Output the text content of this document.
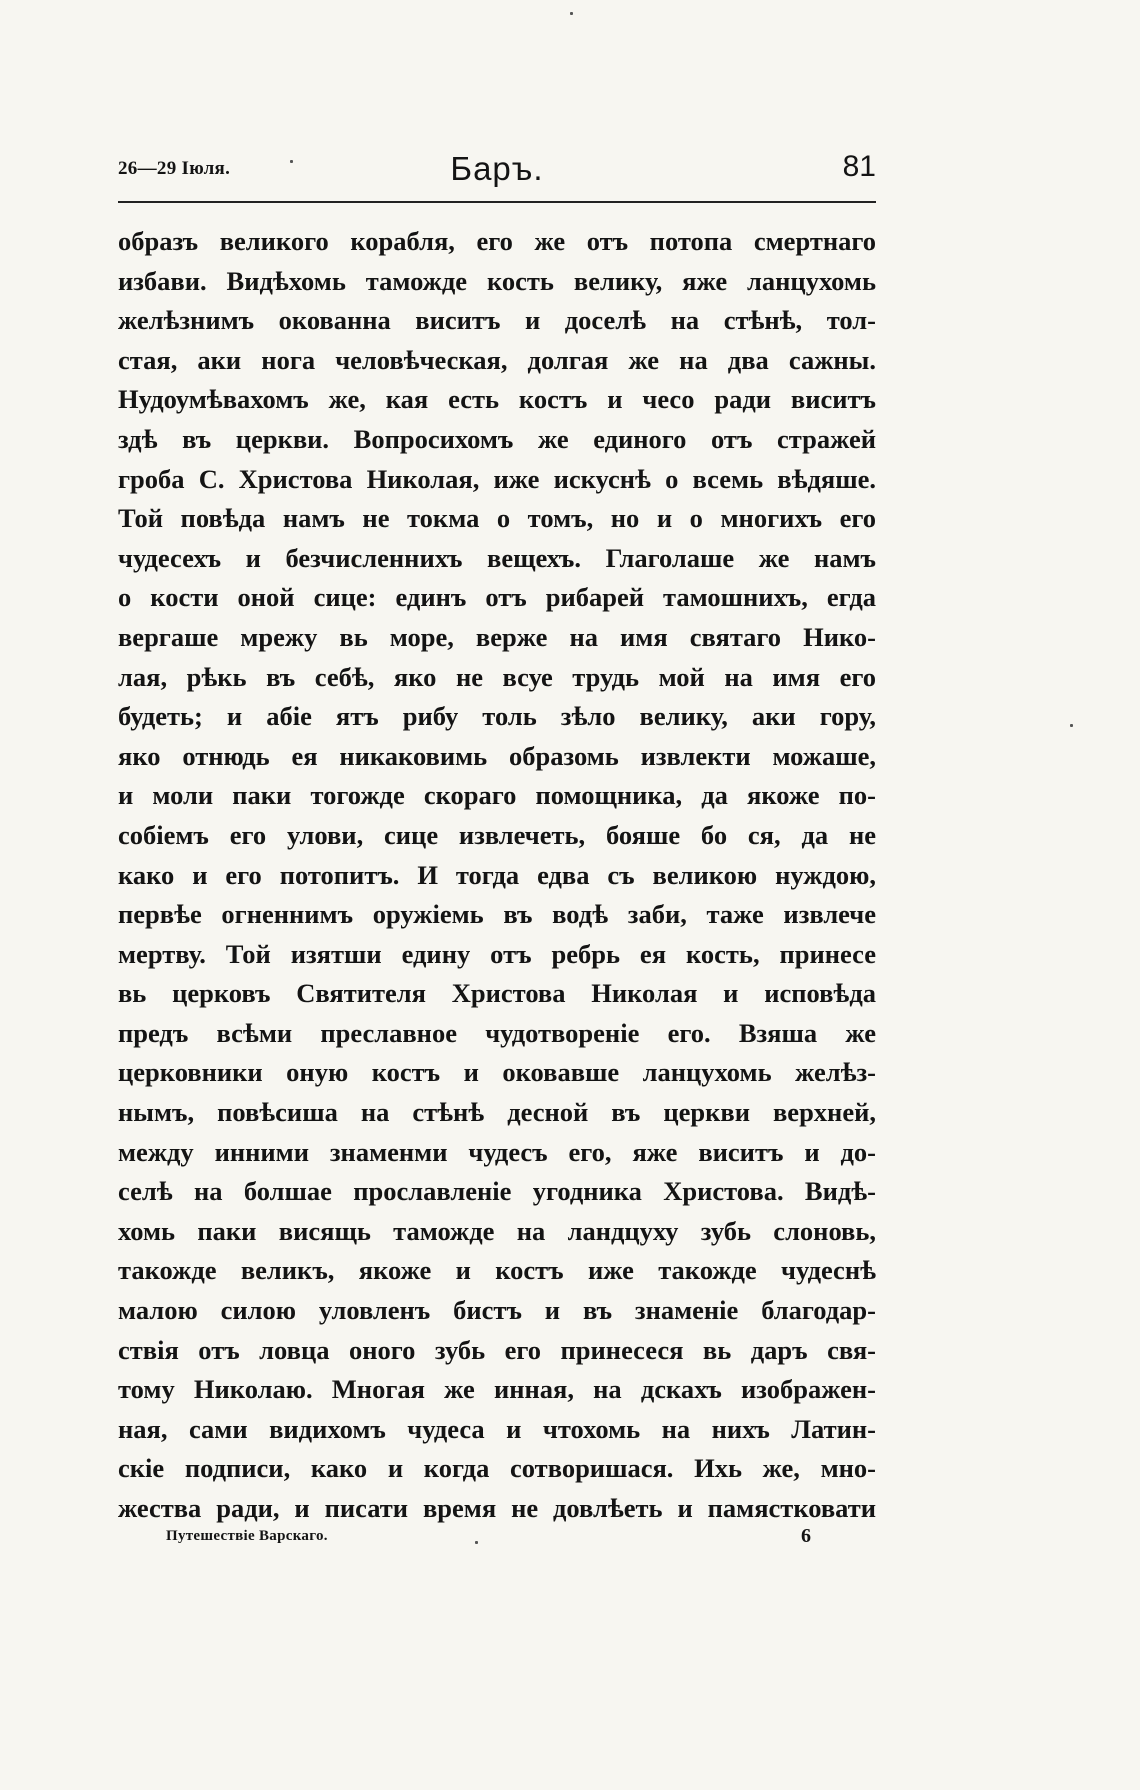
26—29 Іюля.	Баръ.	81
образъ великого корабля, его же отъ потопа смертнаго
избави. Видѣхомь таможде кость велику, яже ланцухомь
желѣзнимъ окованна виситъ и доселѣ на стѣнѣ, тол-
стая, аки нога человѣческая, долгая же на два сажны.
Нудоумѣвахомъ же, кая есть костъ и чесо ради виситъ
здѣ въ церкви. Вопросихомъ же единого отъ стражей
гроба С. Христова Николая, иже искуснѣ о всемь вѣдяше.
Той повѣда намъ не токма о томъ, но и о многихъ его
чудесехъ и безчисленнихъ вещехъ. Глаголаше же намъ
о кости оной сице: единъ отъ рибарей тамошнихъ, егда
вергаше мрежу вь море, верже на имя святаго Нико-
лая, рѣкь въ себѣ, яко не всуе трудь мой на имя его
будеть; и абіе ятъ рибу толь зѣло велику, аки гору,
яко отнюдь ея никаковимь образомь извлекти можаше,
и моли паки тогожде скораго помощника, да якоже по-
собіемъ его улови, сице извлечеть, бояше бо ся, да не
како и его потопитъ. И тогда едва съ великою нуждою,
первѣе огненнимъ оружіемь въ водѣ заби, таже извлече
мертву. Той изятши едину отъ ребрь ея кость, принесе
вь церковъ Святителя Христова Николая и исповѣда
предъ всѣми преславное чудотвореніе его. Взяша же
церковники оную костъ и оковавше ланцухомь желѣз-
нымъ, повѣсиша на стѣнѣ десной въ церкви верхней,
между инними знаменми чудесъ его, яже виситъ и до-
селѣ на болшае прославленіе угодника Христова. Видѣ-
хомь паки висящь таможде на ландцуху зубь слоновь,
такожде великъ, якоже и костъ иже такожде чудеснѣ
малою силою уловленъ бистъ и въ знаменіе благодар-
ствія отъ ловца оного зубь его принесеся вь даръ свя-
тому Николаю. Многая же инная, на дскахъ изображен-
ная, сами видихомъ чудеса и чтохомь на нихъ Латин-
скіе подписи, како и когда сотворишася. Ихь же, мно-
жества ради, и писати время не довлѣеть и памястковати
Путешествіе Варскаго.	6
